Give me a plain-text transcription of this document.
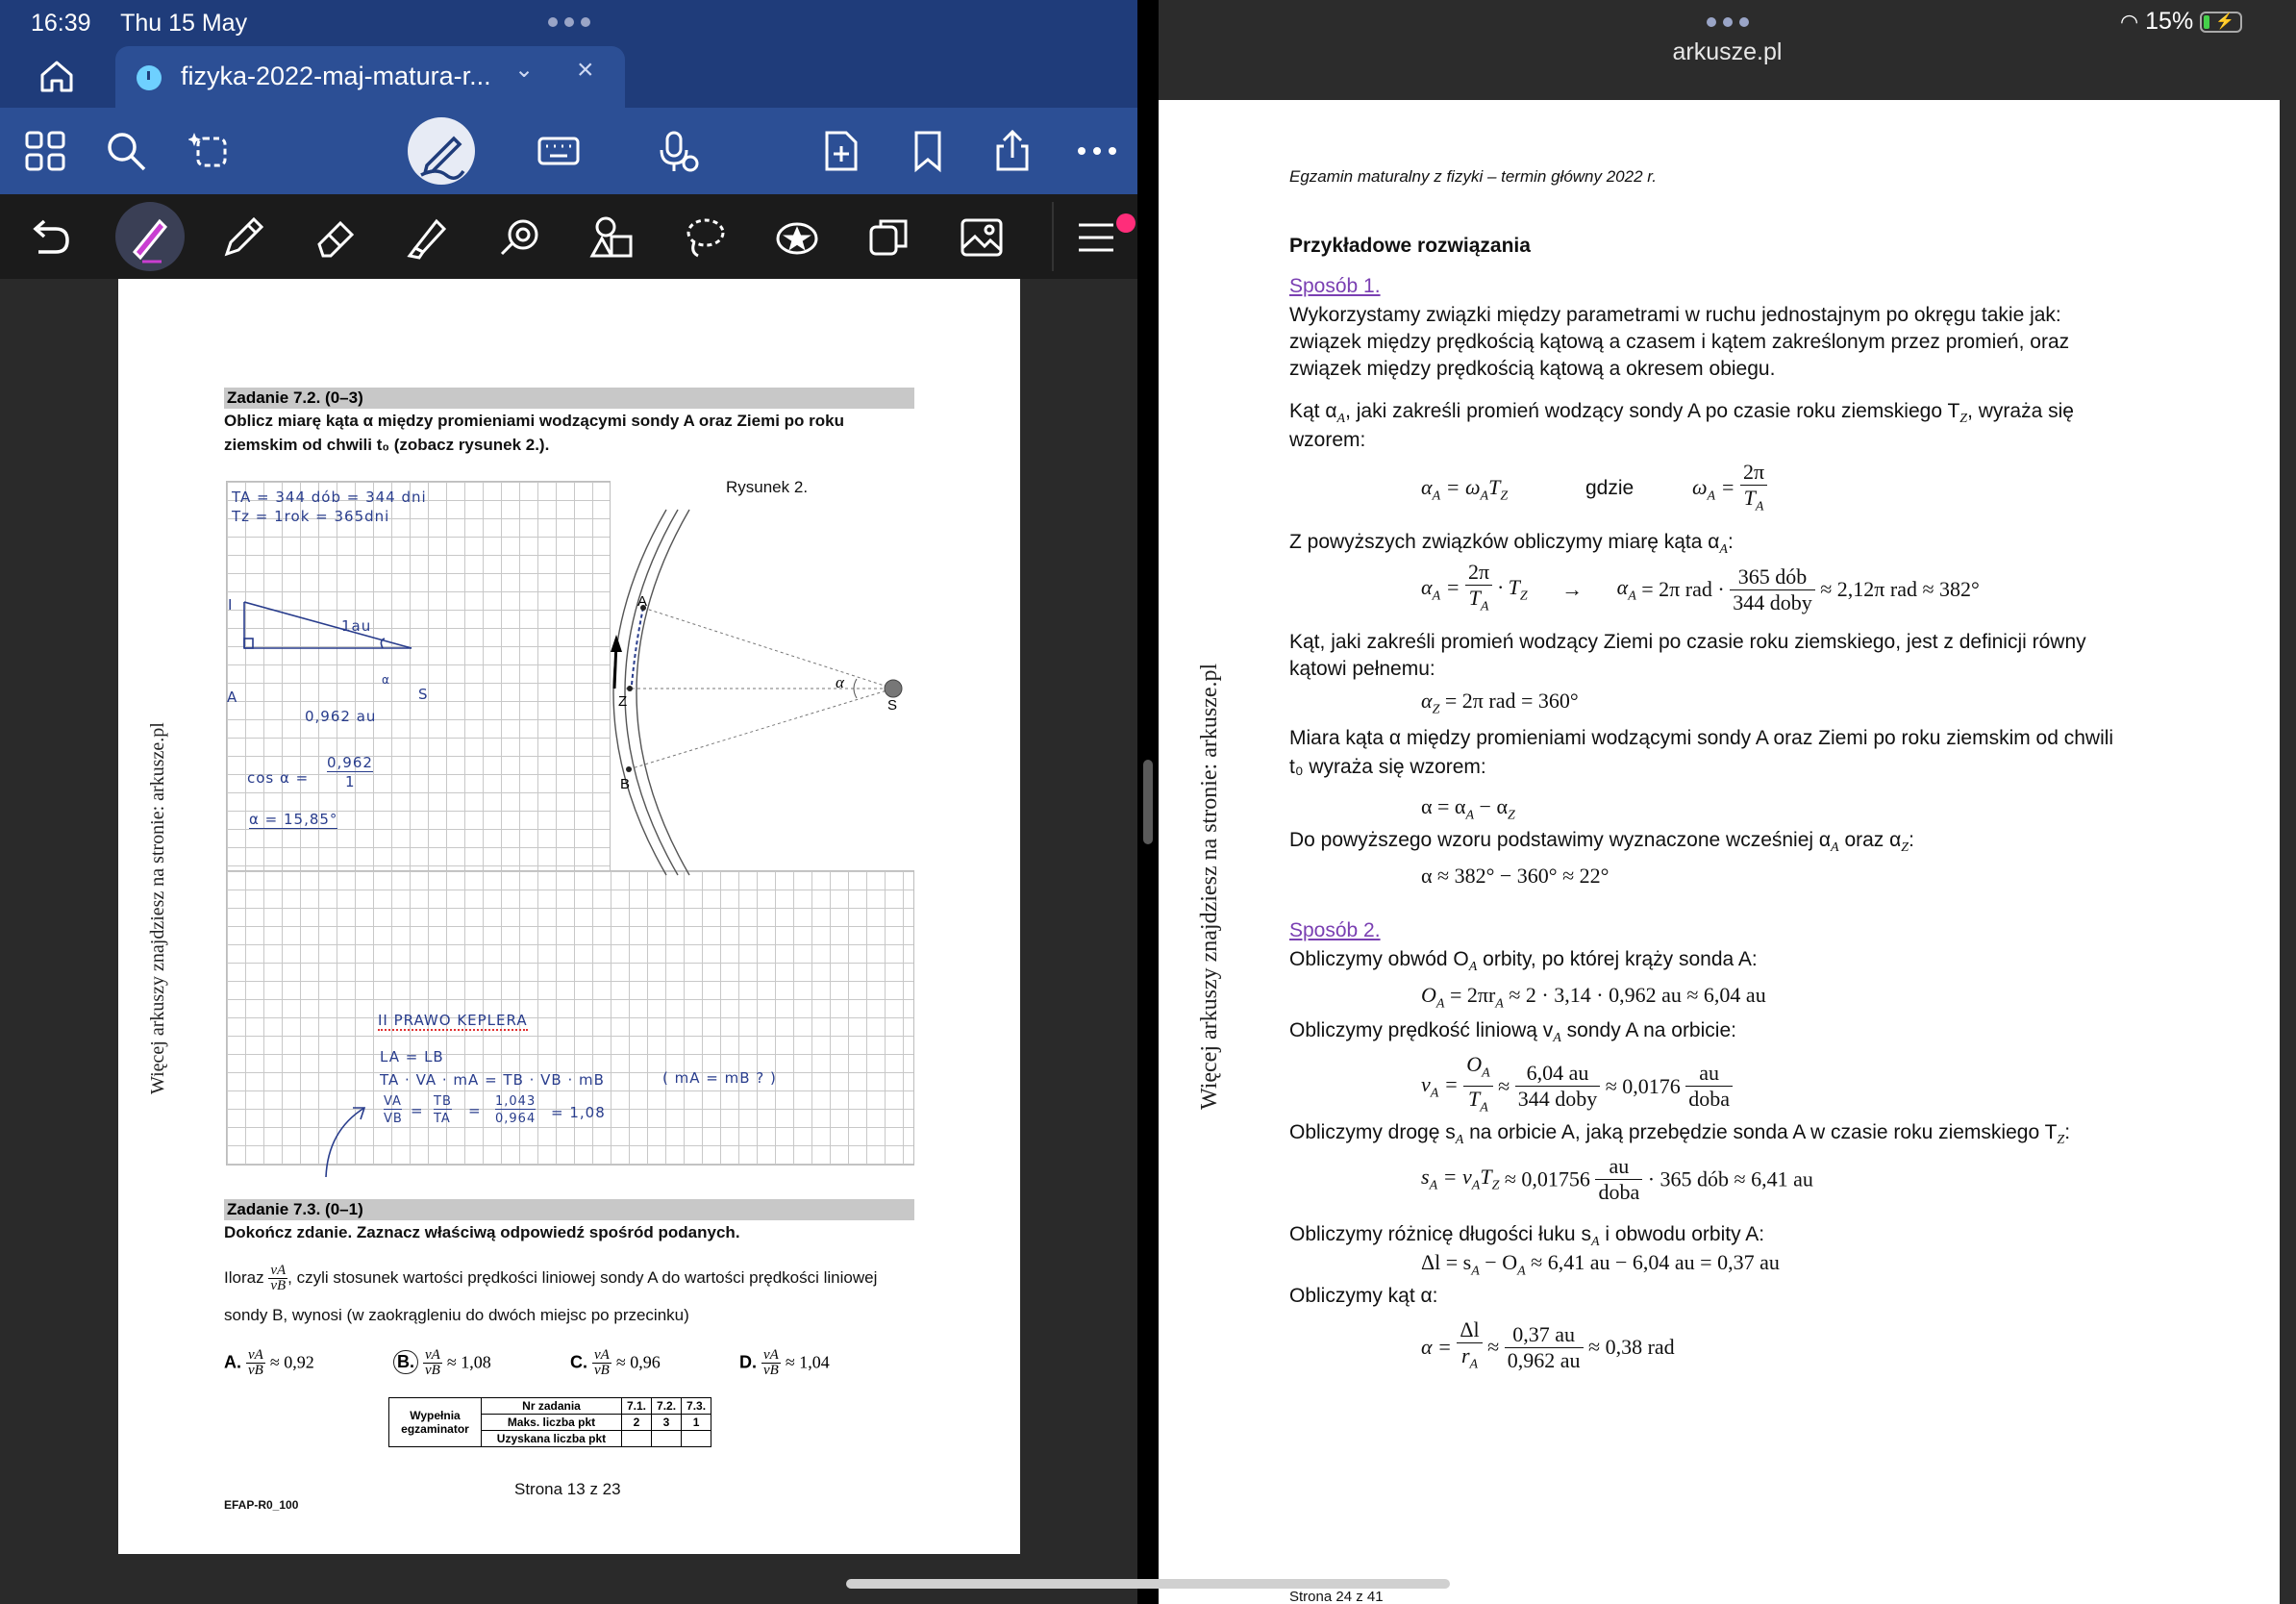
16:39 Thu 15 May
fizyka-2022-maj-matura-r... ⌄ ×
Więcej arkuszy znajdziesz na stronie: arkusze.pl
Zadanie 7.2. (0–3)
Oblicz miarę kąta α między promieniami wodzącymi sondy A oraz Ziemi po roku
ziemskim od chwili t₀ (zobacz rysunek 2.).
Rysunek 2.
α
A
Z
B
S
TA = 344 dób = 344 dni
Tz = 1rok = 365dni
I
1au
A
α
S
0,962 au
cos α =
0,962
1
α = 15,85°
II PRAWO KEPLERA
LA = LB
TA · VA · mA = TB · VB · mB	( mA = mB ? )
VA
VB =
TB
TA =
1,043
0,964 = 1,08
Zadanie 7.3. (0–1)
Dokończ zdanie. Zaznacz właściwą odpowiedź spośród podanych.
Iloraz $\frac{vA}{vB}$ , czyli stosunek wartości prędkości liniowej sondy A do wartości prędkości liniowej
sondy B, wynosi (w zaokrągleniu do dwóch miejsc po przecinku)
A. $\frac{vA}{vB} \approx 0,92$	B. $\frac{vA}{vB} \approx 1,08$	C. $\frac{vA}{vB} \approx 0,96$	D. $\frac{vA}{vB} \approx 1,04$
Wypełnia egzaminator	Nr zadania	7.1.	7.2.	7.3.
	Maks. liczba pkt	2	3	1
	Uzyskana liczba pkt			
Strona 13 z 23
EFAP-R0_100
arkusze.pl
◠ 15% ⚡
Więcej arkuszy znajdziesz na stronie: arkusze.pl
Egzamin maturalny z fizyki – termin główny 2022 r.
Przykładowe rozwiązania
Sposób 1.
Wykorzystamy związki między parametrami w ruchu jednostajnym po okręgu takie jak:
związek między prędkością kątową a czasem i kątem zakreślonym przez promień, oraz
związek między prędkością kątową a okresem obiegu.
Kąt $\alpha_A$, jaki zakreśli promień wodzący sondy A po czasie roku ziemskiego $T_Z$, wyraża się
wzorem:
$\alpha_A = \omega_AT_Z$	gdzie	$\omega_A = \frac{2\pi}{T_A}$
Z powyższych związków obliczymy miarę kąta $\alpha_A$:
$\alpha_A = \frac{2\pi}{T_A} \cdot T_Z \to \alpha_A = 2\pi$ rad ·
365 dób
344 doby
≈ 2,12π rad ≈ 382°
Kąt, jaki zakreśli promień wodzący Ziemi po czasie roku ziemskiego, jest z definicji równy
kątowi pełnemu:
$\alpha_Z = 2\pi$ rad = 360°
Miara kąta α między promieniami wodzącymi sondy A oraz Ziemi po roku ziemskim od chwili
t₀ wyraża się wzorem:
$\alpha = \alpha_A - \alpha_Z$
Do powyższego wzoru podstawimy wyznaczone wcześniej $\alpha_A$ oraz $\alpha_Z$:
α ≈ 382° − 360° ≈ 22°
Sposób 2.
Obliczymy obwód $O_A$ orbity, po której krąży sonda A:
$O_A = 2\pi r_A \approx 2 \cdot 3,14 \cdot 0,962$ au ≈ 6,04 au
Obliczymy prędkość liniową $v_A$ sondy A na orbicie:
$v_A = \frac{O_A}{T_A}$ ≈
6,04 au
344 doby
≈ 0,0176
au
doba
Obliczymy drogę $s_A$ na orbicie A, jaką przebędzie sonda A w czasie roku ziemskiego $T_Z$:
$s_A = v_AT_Z \approx 0,01756$
au
doba
· 365 dób ≈ 6,41 au
Obliczymy różnicę długości łuku $s_A$ i obwodu orbity A:
$\Delta l = s_A - O_A \approx 6,41$ au − 6,04 au = 0,37 au
Obliczymy kąt α:
$\alpha = \frac{\Delta l}{r_A} \approx \frac{0,37 au}{0,962 au} \approx 0,38$ rad
Strona 24 z 41
